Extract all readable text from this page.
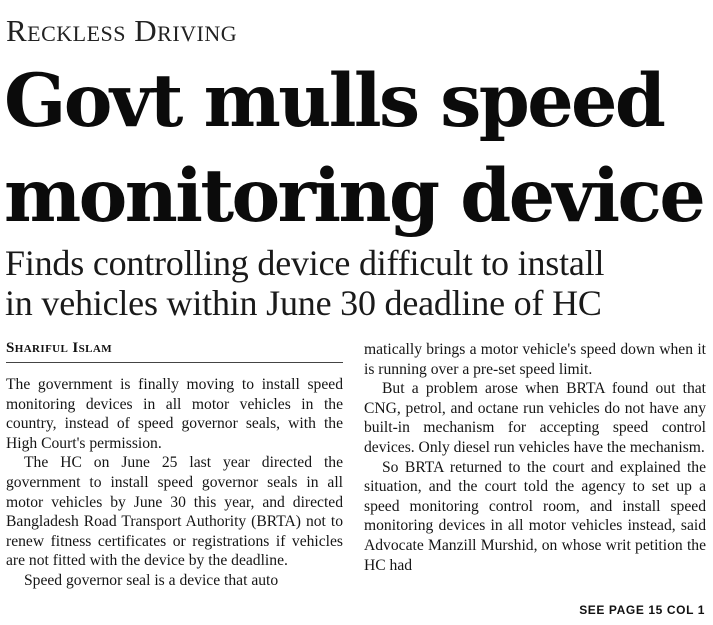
Reckless Driving
Govt mulls speed
monitoring device
Finds controlling device difficult to install
in vehicles within June 30 deadline of HC
Shariful Islam

The government is finally moving to install speed monitoring devices in all motor vehicles in the country, instead of speed governor seals, with the High Court's permission.

The HC on June 25 last year directed the government to install speed governor seals in all motor vehicles by June 30 this year, and directed Bangladesh Road Transport Authority (BRTA) not to renew fitness certificates or registrations if vehicles are not fitted with the device by the deadline.

Speed governor seal is a device that auto

matically brings a motor vehicle's speed down when it is running over a pre-set speed limit.

But a problem arose when BRTA found out that CNG, petrol, and octane run vehicles do not have any built-in mechanism for accepting speed control devices. Only diesel run vehicles have the mechanism.

So BRTA returned to the court and explained the situation, and the court told the agency to set up a speed monitoring control room, and install speed monitoring devices in all motor vehicles instead, said Advocate Manzill Murshid, on whose writ petition the HC had

SEE PAGE 15 COL 1
